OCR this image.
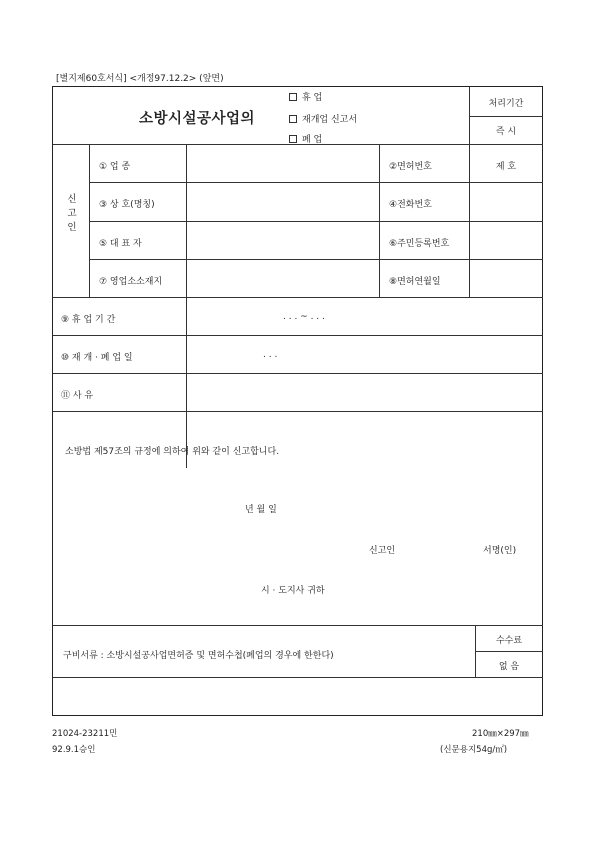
[별지제60호서식] <개정97.12.2> (앞면)
소방시설공사업의
휴 업
재개업 신고서
폐 업
처리기간
즉 시
신 고 인
① 업 종	②면허번호	제 호
③ 상 호(명칭)	④전화번호
⑤ 대 표 자	⑥주민등록번호
⑦ 영업소소재지	⑧면허연월일
⑨ 휴 업 기 간	. . . ~ . . .
⑩ 재 개 · 폐 업 일	. . .
⑪ 사 유
소방법 제57조의 규정에 의하여 위와 같이 신고합니다.
년 월 일
신고인	서명(인)
시 · 도지사 귀하
구비서류 : 소방시설공사업면허증 및 면허수첩(폐업의 경우에 한한다)
수수료
없 음
21024-23211민
92.9.1승인
210㎜×297㎜
(신문용지54g/㎡)
